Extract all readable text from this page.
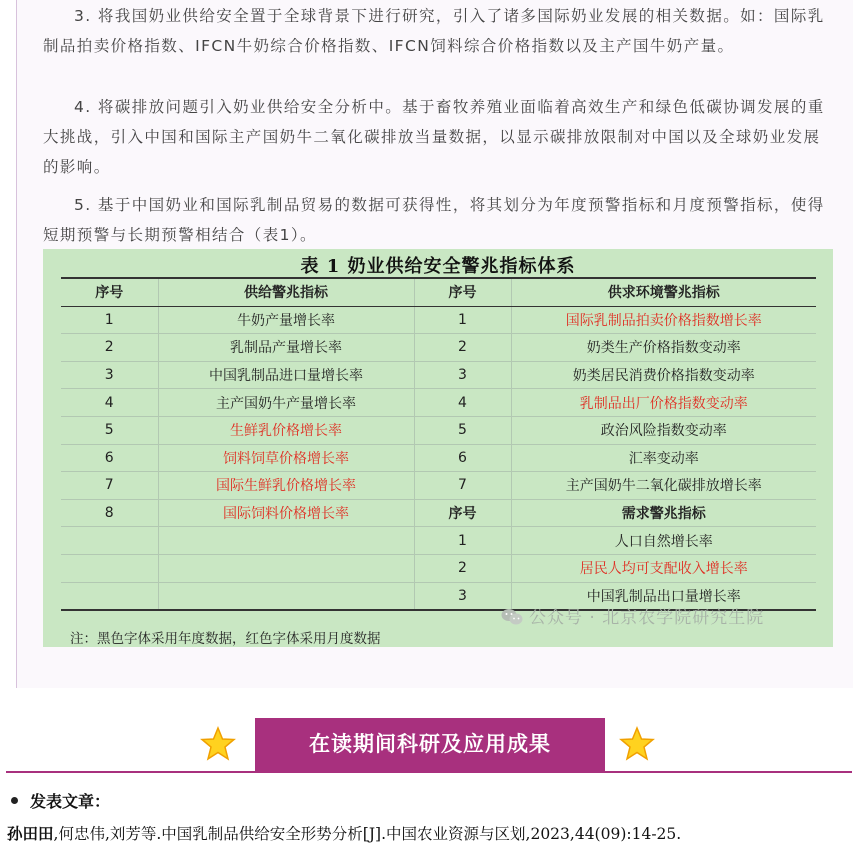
3. 将我国奶业供给安全置于全球背景下进行研究，引入了诸多国际奶业发展的相关数据。如：国际乳制品拍卖价格指数、IFCN牛奶综合价格指数、IFCN饲料综合价格指数以及主产国牛奶产量。

4. 将碳排放问题引入奶业供给安全分析中。基于畜牧养殖业面临着高效生产和绿色低碳协调发展的重大挑战，引入中国和国际主产国奶牛二氧化碳排放当量数据，以显示碳排放限制对中国以及全球奶业发展的影响。

5. 基于中国奶业和国际乳制品贸易的数据可获得性，将其划分为年度预警指标和月度预警指标，使得短期预警与长期预警相结合（表1）。

表 1 奶业供给安全警兆指标体系
序号	供给警兆指标	序号	供求环境警兆指标
1	牛奶产量增长率	1	国际乳制品拍卖价格指数增长率
2	乳制品产量增长率	2	奶类生产价格指数变动率
3	中国乳制品进口量增长率	3	奶类居民消费价格指数变动率
4	主产国奶牛产量增长率	4	乳制品出厂价格指数变动率
5	生鲜乳价格增长率	5	政治风险指数变动率
6	饲料饲草价格增长率	6	汇率变动率
7	国际生鲜乳价格增长率	7	主产国奶牛二氧化碳排放增长率
8	国际饲料价格增长率	序号	需求警兆指标
		1	人口自然增长率
		2	居民人均可支配收入增长率
		3	中国乳制品出口量增长率
公众号 · 北京农学院研究生院
注：黑色字体采用年度数据，红色字体采用月度数据
在读期间科研及应用成果
发表文章：
孙田田,何忠伟,刘芳等.中国乳制品供给安全形势分析[J].中国农业资源与区划,2023,44(09):14-25.
